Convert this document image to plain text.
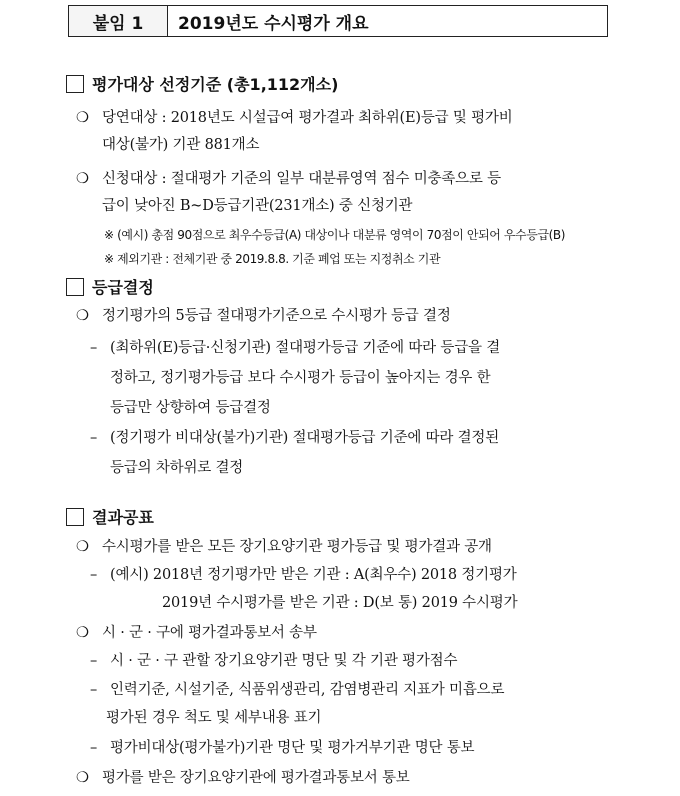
붙임 1	2019년도 수시평가 개요
평가대상 선정기준 (총1,112개소)
❍ 당연대상 : 2018년도 시설급여 평가결과 최하위(E)등급 및 평가비
대상(불가) 기관 881개소
❍ 신청대상 : 절대평가 기준의 일부 대분류영역 점수 미충족으로 등
급이 낮아진 B~D등급기관(231개소) 중 신청기관
※ (예시) 총점 90점으로 최우수등급(A) 대상이나 대분류 영역이 70점이 안되어 우수등급(B)
※ 제외기관 : 전체기관 중 2019.8.8. 기준 폐업 또는 지정취소 기관
등급결정
❍ 정기평가의 5등급 절대평가기준으로 수시평가 등급 결정
– (최하위(E)등급·신청기관) 절대평가등급 기준에 따라 등급을 결
정하고, 정기평가등급 보다 수시평가 등급이 높아지는 경우 한
등급만 상향하여 등급결정
– (정기평가 비대상(불가)기관) 절대평가등급 기준에 따라 결정된
등급의 차하위로 결정
결과공표
❍ 수시평가를 받은 모든 장기요양기관 평가등급 및 평가결과 공개
– (예시) 2018년 정기평가만 받은 기관 : A(최우수) 2018 정기평가
2019년 수시평가를 받은 기관 : D(보 통) 2019 수시평가
❍ 시 · 군 · 구에 평가결과통보서 송부
– 시 · 군 · 구 관할 장기요양기관 명단 및 각 기관 평가점수
– 인력기준, 시설기준, 식품위생관리, 감염병관리 지표가 미흡으로
평가된 경우 척도 및 세부내용 표기
– 평가비대상(평가불가)기관 명단 및 평가거부기관 명단 통보
❍ 평가를 받은 장기요양기관에 평가결과통보서 통보
